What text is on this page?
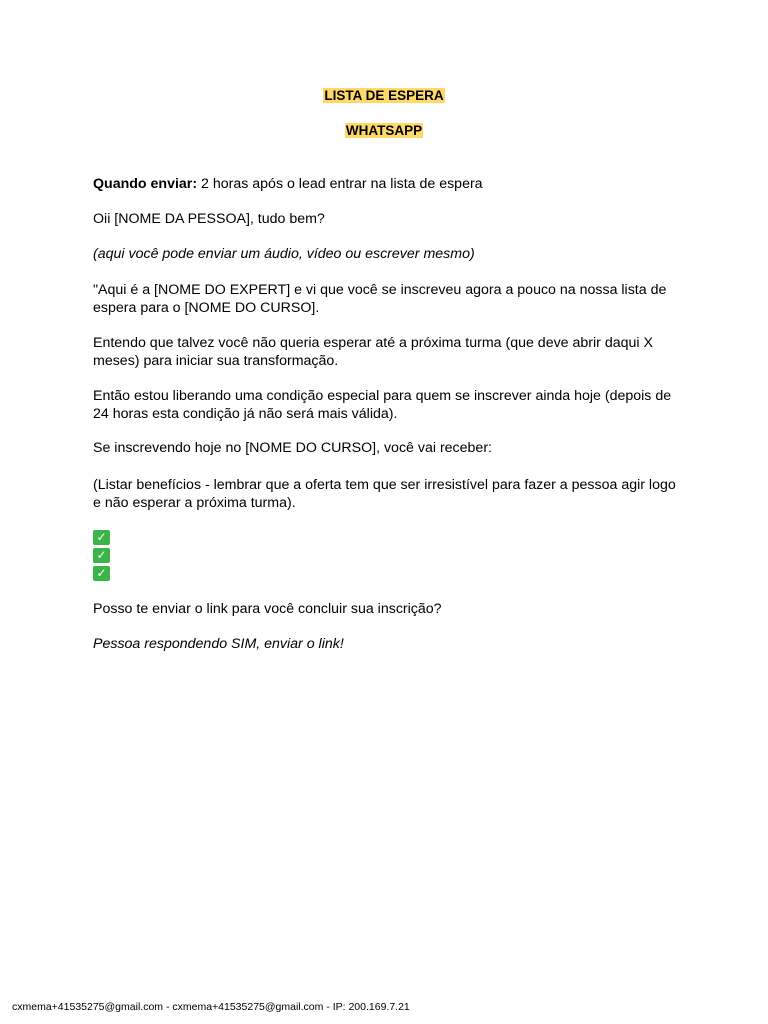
LISTA DE ESPERA
WHATSAPP
Quando enviar: 2 horas após o lead entrar na lista de espera
Oii [NOME DA PESSOA], tudo bem?
(aqui você pode enviar um áudio, vídeo ou escrever mesmo)
"Aqui é a [NOME DO EXPERT] e vi que você se inscreveu agora a pouco na nossa lista de espera para o [NOME DO CURSO].
Entendo que talvez você não queria esperar até a próxima turma (que deve abrir daqui X meses) para iniciar sua transformação.
Então estou liberando uma condição especial para quem se inscrever ainda hoje (depois de 24 horas esta condição já não será mais válida).
Se inscrevendo hoje no [NOME DO CURSO], você vai receber:
(Listar benefícios - lembrar que a oferta tem que ser irresistível para fazer a pessoa agir logo e não esperar a próxima turma).
✓
✓
✓
Posso te enviar o link para você concluir sua inscrição?
Pessoa respondendo SIM, enviar o link!
cxmema+41535275@gmail.com - cxmema+41535275@gmail.com - IP: 200.169.7.21
